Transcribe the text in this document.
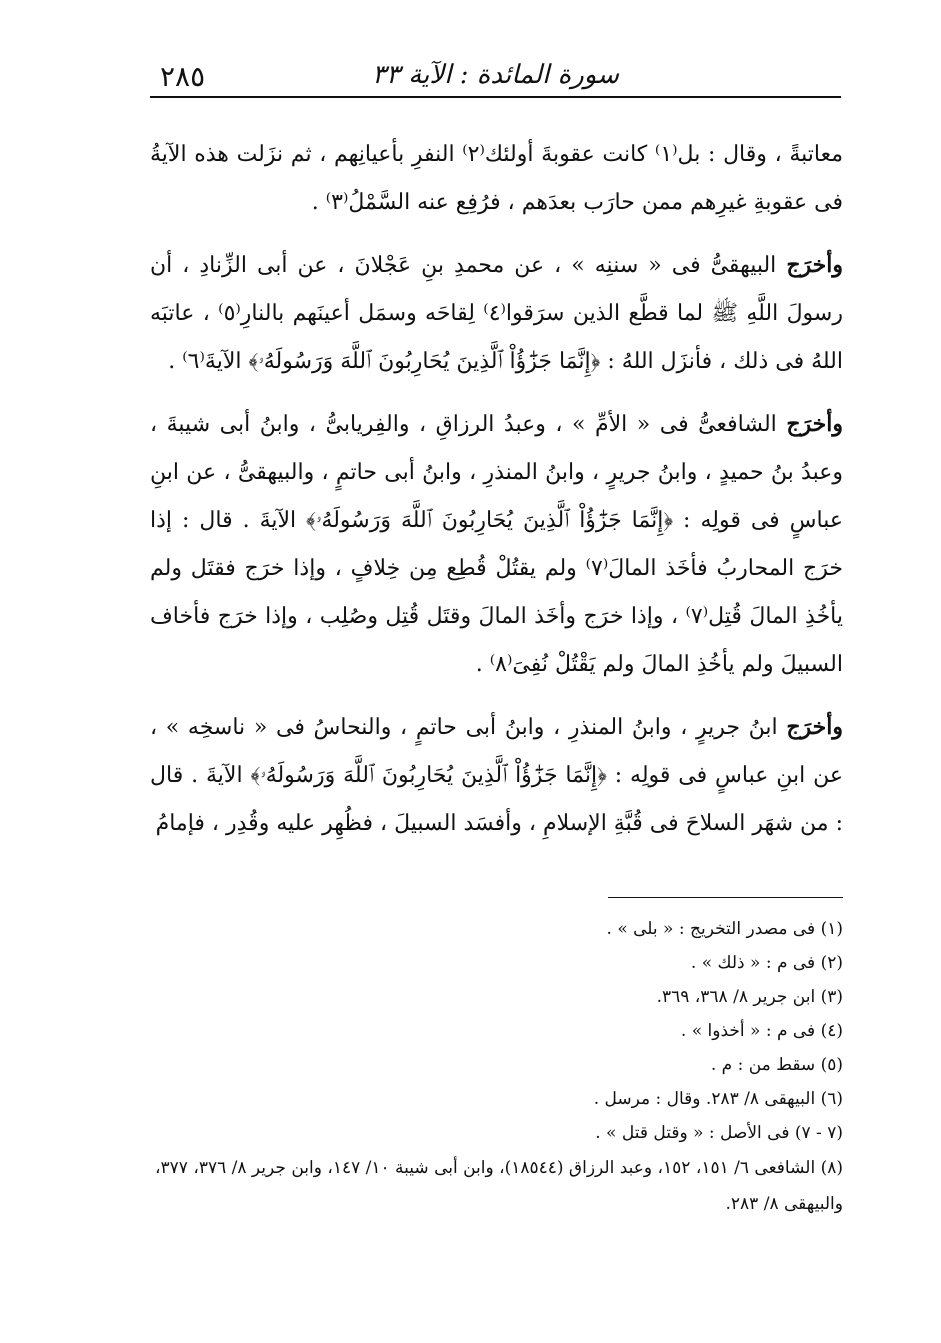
٢٨٥	سورة المائدة : الآية ٣٣

معاتبةً ، وقال : بل⁽١⁾ كانت عقوبةَ أولئك⁽٢⁾ النفرِ بأعيانِهم ، ثم نزَلت هذه الآيةُ فى عقوبةِ غيرِهم ممن حارَب بعدَهم ، فرُفِع عنه السَّمْلُ⁽٣⁾ .

وأخرَج البيهقىُّ فى « سننِه » ، عن محمدِ بنِ عَجْلانَ ، عن أبى الزِّنادِ ، أن رسولَ اللَّهِ ﷺ لما قطَّع الذين سرَقوا⁽٤⁾ لِقاحَه وسمَل أعينَهم بالنارِ⁽٥⁾ ، عاتبَه اللهُ فى ذلك ، فأنزَل اللهُ : ﴿إِنَّمَا جَزَٰٓؤُاْ ٱلَّذِينَ يُحَارِبُونَ ٱللَّهَ وَرَسُولَهُۥ﴾ الآيةَ⁽٦⁾ .

وأخرَج الشافعىُّ فى « الأمِّ » ، وعبدُ الرزاقِ ، والفِريابىُّ ، وابنُ أبى شيبةَ ، وعبدُ بنُ حميدٍ ، وابنُ جريرٍ ، وابنُ المنذرِ ، وابنُ أبى حاتمٍ ، والبيهقىُّ ، عن ابنِ عباسٍ فى قولِه : ﴿إِنَّمَا جَزَٰٓؤُاْ ٱلَّذِينَ يُحَارِبُونَ ٱللَّهَ وَرَسُولَهُۥ﴾ الآيةَ . قال : إذا خرَج المحاربُ فأخَذ المالَ⁽٧⁾ ولم يقتُلْ قُطِع مِن خِلافٍ ، وإذا خرَج فقتَل ولم يأخُذِ المالَ قُتِل⁽٧⁾ ، وإذا خرَج وأخَذ المالَ وقتَل قُتِل وصُلِب ، وإذا خرَج فأخاف السبيلَ ولم يأخُذِ المالَ ولم يَقْتُلْ نُفِىَ⁽٨⁾ .

وأخرَج ابنُ جريرٍ ، وابنُ المنذرِ ، وابنُ أبى حاتمٍ ، والنحاسُ فى « ناسخِه » ، عن ابنِ عباسٍ فى قولِه : ﴿إِنَّمَا جَزَٰٓؤُاْ ٱلَّذِينَ يُحَارِبُونَ ٱللَّهَ وَرَسُولَهُۥ﴾ الآيةَ . قال : من شهَر السلاحَ فى قُبَّةِ الإسلامِ ، وأفسَد السبيلَ ، فظُهِر عليه وقُدِر ، فإمامُ

(١) فى مصدر التخريج : « بلى » .

(٢) فى م : « ذلك » .

(٣) ابن جرير ٨/ ٣٦٨، ٣٦٩.

(٤) فى م : « أخذوا » .

(٥) سقط من : م .

(٦) البيهقى ٨/ ٢٨٣. وقال : مرسل .

(٧ - ٧) فى الأصل : « وقتل قتل » .

(٨) الشافعى ٦/ ١٥١، ١٥٢، وعبد الرزاق (١٨٥٤٤)، وابن أبى شيبة ١٠/ ١٤٧، وابن جرير ٨/ ٣٧٦، ٣٧٧، والبيهقى ٨/ ٢٨٣.
